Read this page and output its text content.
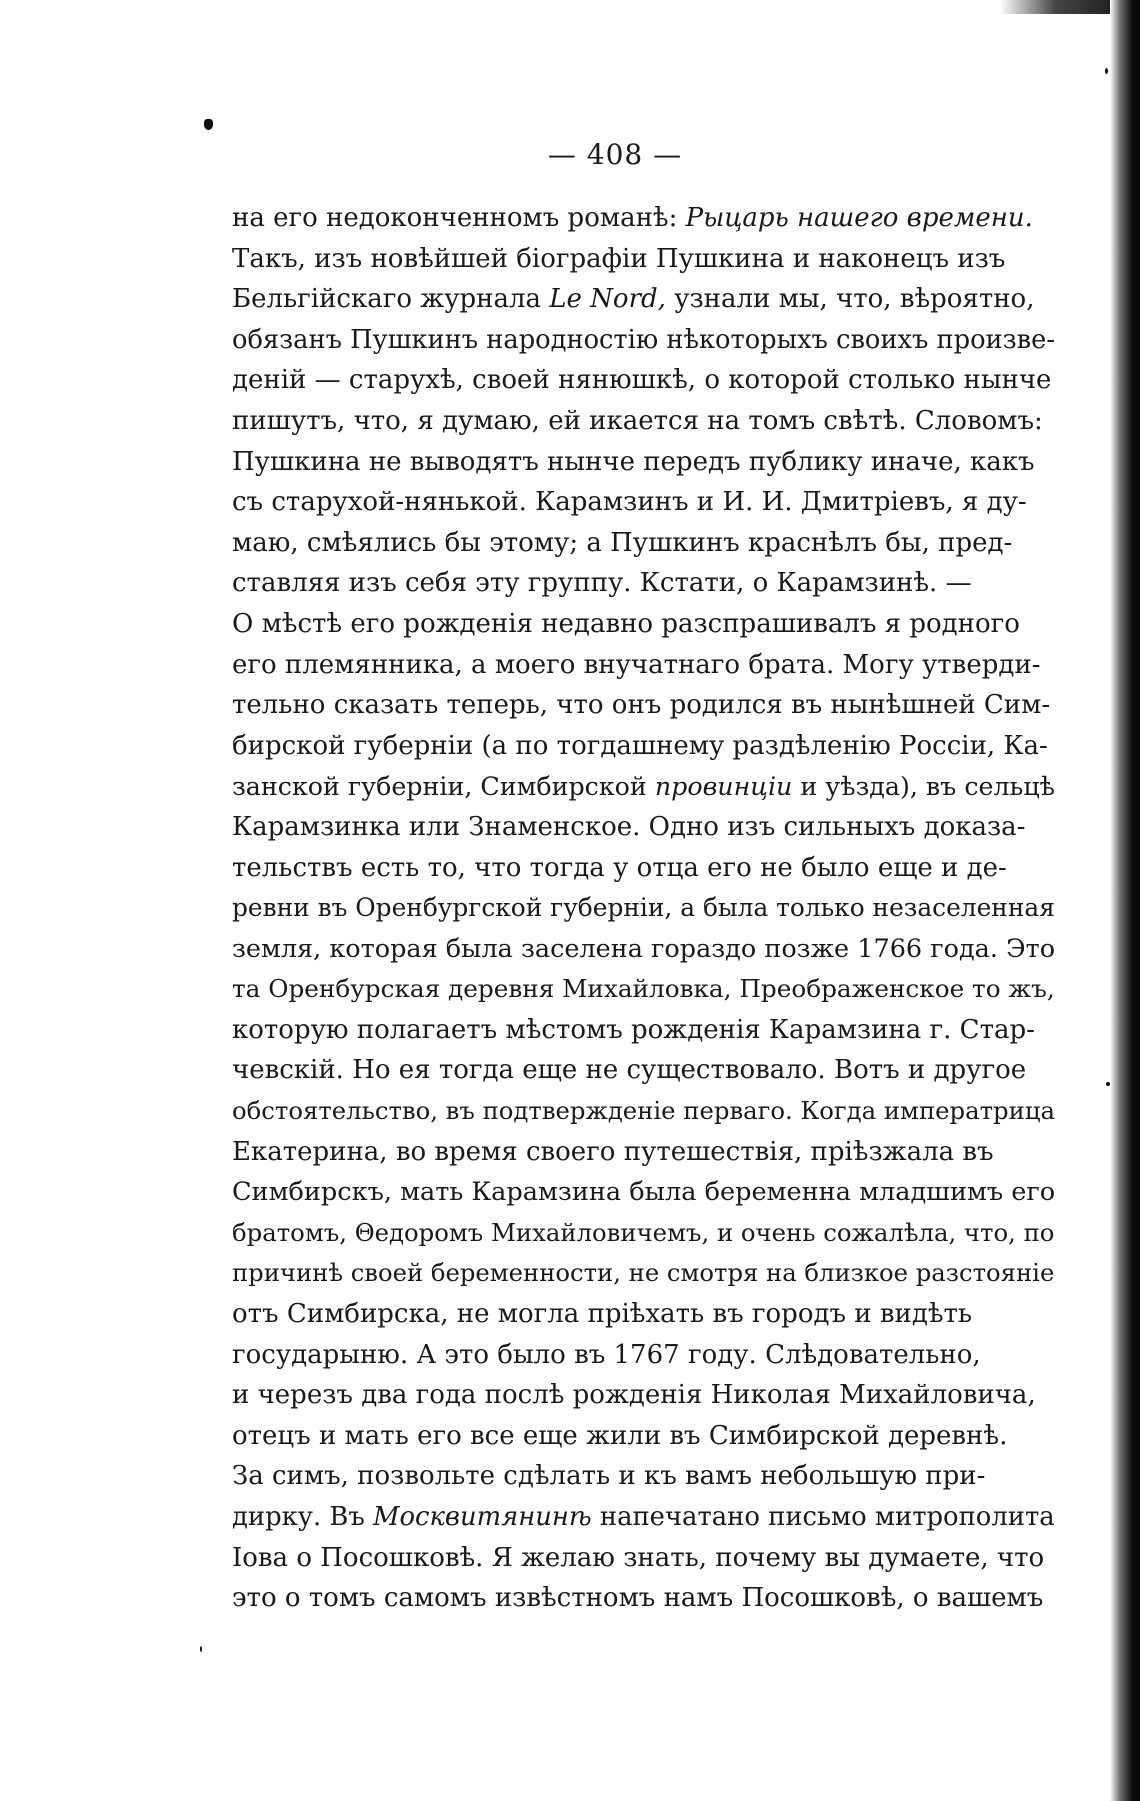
— 408 —
на его недоконченномъ романѣ: Рыцарь нашего времени.
Такъ, изъ новѣйшей біографіи Пушкина и наконецъ изъ
Бельгійскаго журнала Le Nord, узнали мы, что, вѣроятно,
обязанъ Пушкинъ народностію нѣкоторыхъ своихъ произве-
деній — старухѣ, своей нянюшкѣ, о которой столько нынче
пишутъ, что, я думаю, ей икается на томъ свѣтѣ. Словомъ:
Пушкина не выводятъ нынче передъ публику иначе, какъ
съ старухой-нянькой. Карамзинъ и И. И. Дмитріевъ, я ду-
маю, смѣялись бы этому; а Пушкинъ краснѣлъ бы, пред-
ставляя изъ себя эту группу. Кстати, о Карамзинѣ. —
О мѣстѣ его рожденія недавно разспрашивалъ я родного
его племянника, а моего внучатнаго брата. Могу утверди-
тельно сказать теперь, что онъ родился въ нынѣшней Сим-
бирской губерніи (а по тогдашнему раздѣленію Россіи, Ка-
занской губерніи, Симбирской провинціи и уѣзда), въ сельцѣ
Карамзинка или Знаменское. Одно изъ сильныхъ доказа-
тельствъ есть то, что тогда у отца его не было еще и де-
ревни въ Оренбургской губерніи, а была только незаселенная
земля, которая была заселена гораздо позже 1766 года. Это
та Оренбурская деревня Михайловка, Преображенское то жъ,
которую полагаетъ мѣстомъ рожденія Карамзина г. Стар-
чевскій. Но ея тогда еще не существовало. Вотъ и другое
обстоятельство, въ подтвержденіе перваго. Когда императрица
Екатерина, во время своего путешествія, пріѣзжала въ
Симбирскъ, мать Карамзина была беременна младшимъ его
братомъ, Θедоромъ Михайловичемъ, и очень сожалѣла, что, по
причинѣ своей беременности, не смотря на близкое разстояніе
отъ Симбирска, не могла пріѣхать въ городъ и видѣть
государыню. А это было въ 1767 году. Слѣдовательно,
и черезъ два года послѣ рожденія Николая Михайловича,
отецъ и мать его все еще жили въ Симбирской деревнѣ.
За симъ, позвольте сдѣлать и къ вамъ небольшую при-
дирку. Въ Москвитянинѣ напечатано письмо митрополита
Іова о Посошковѣ. Я желаю знать, почему вы думаете, что
это о томъ самомъ извѣстномъ намъ Посошковѣ, о вашемъ
